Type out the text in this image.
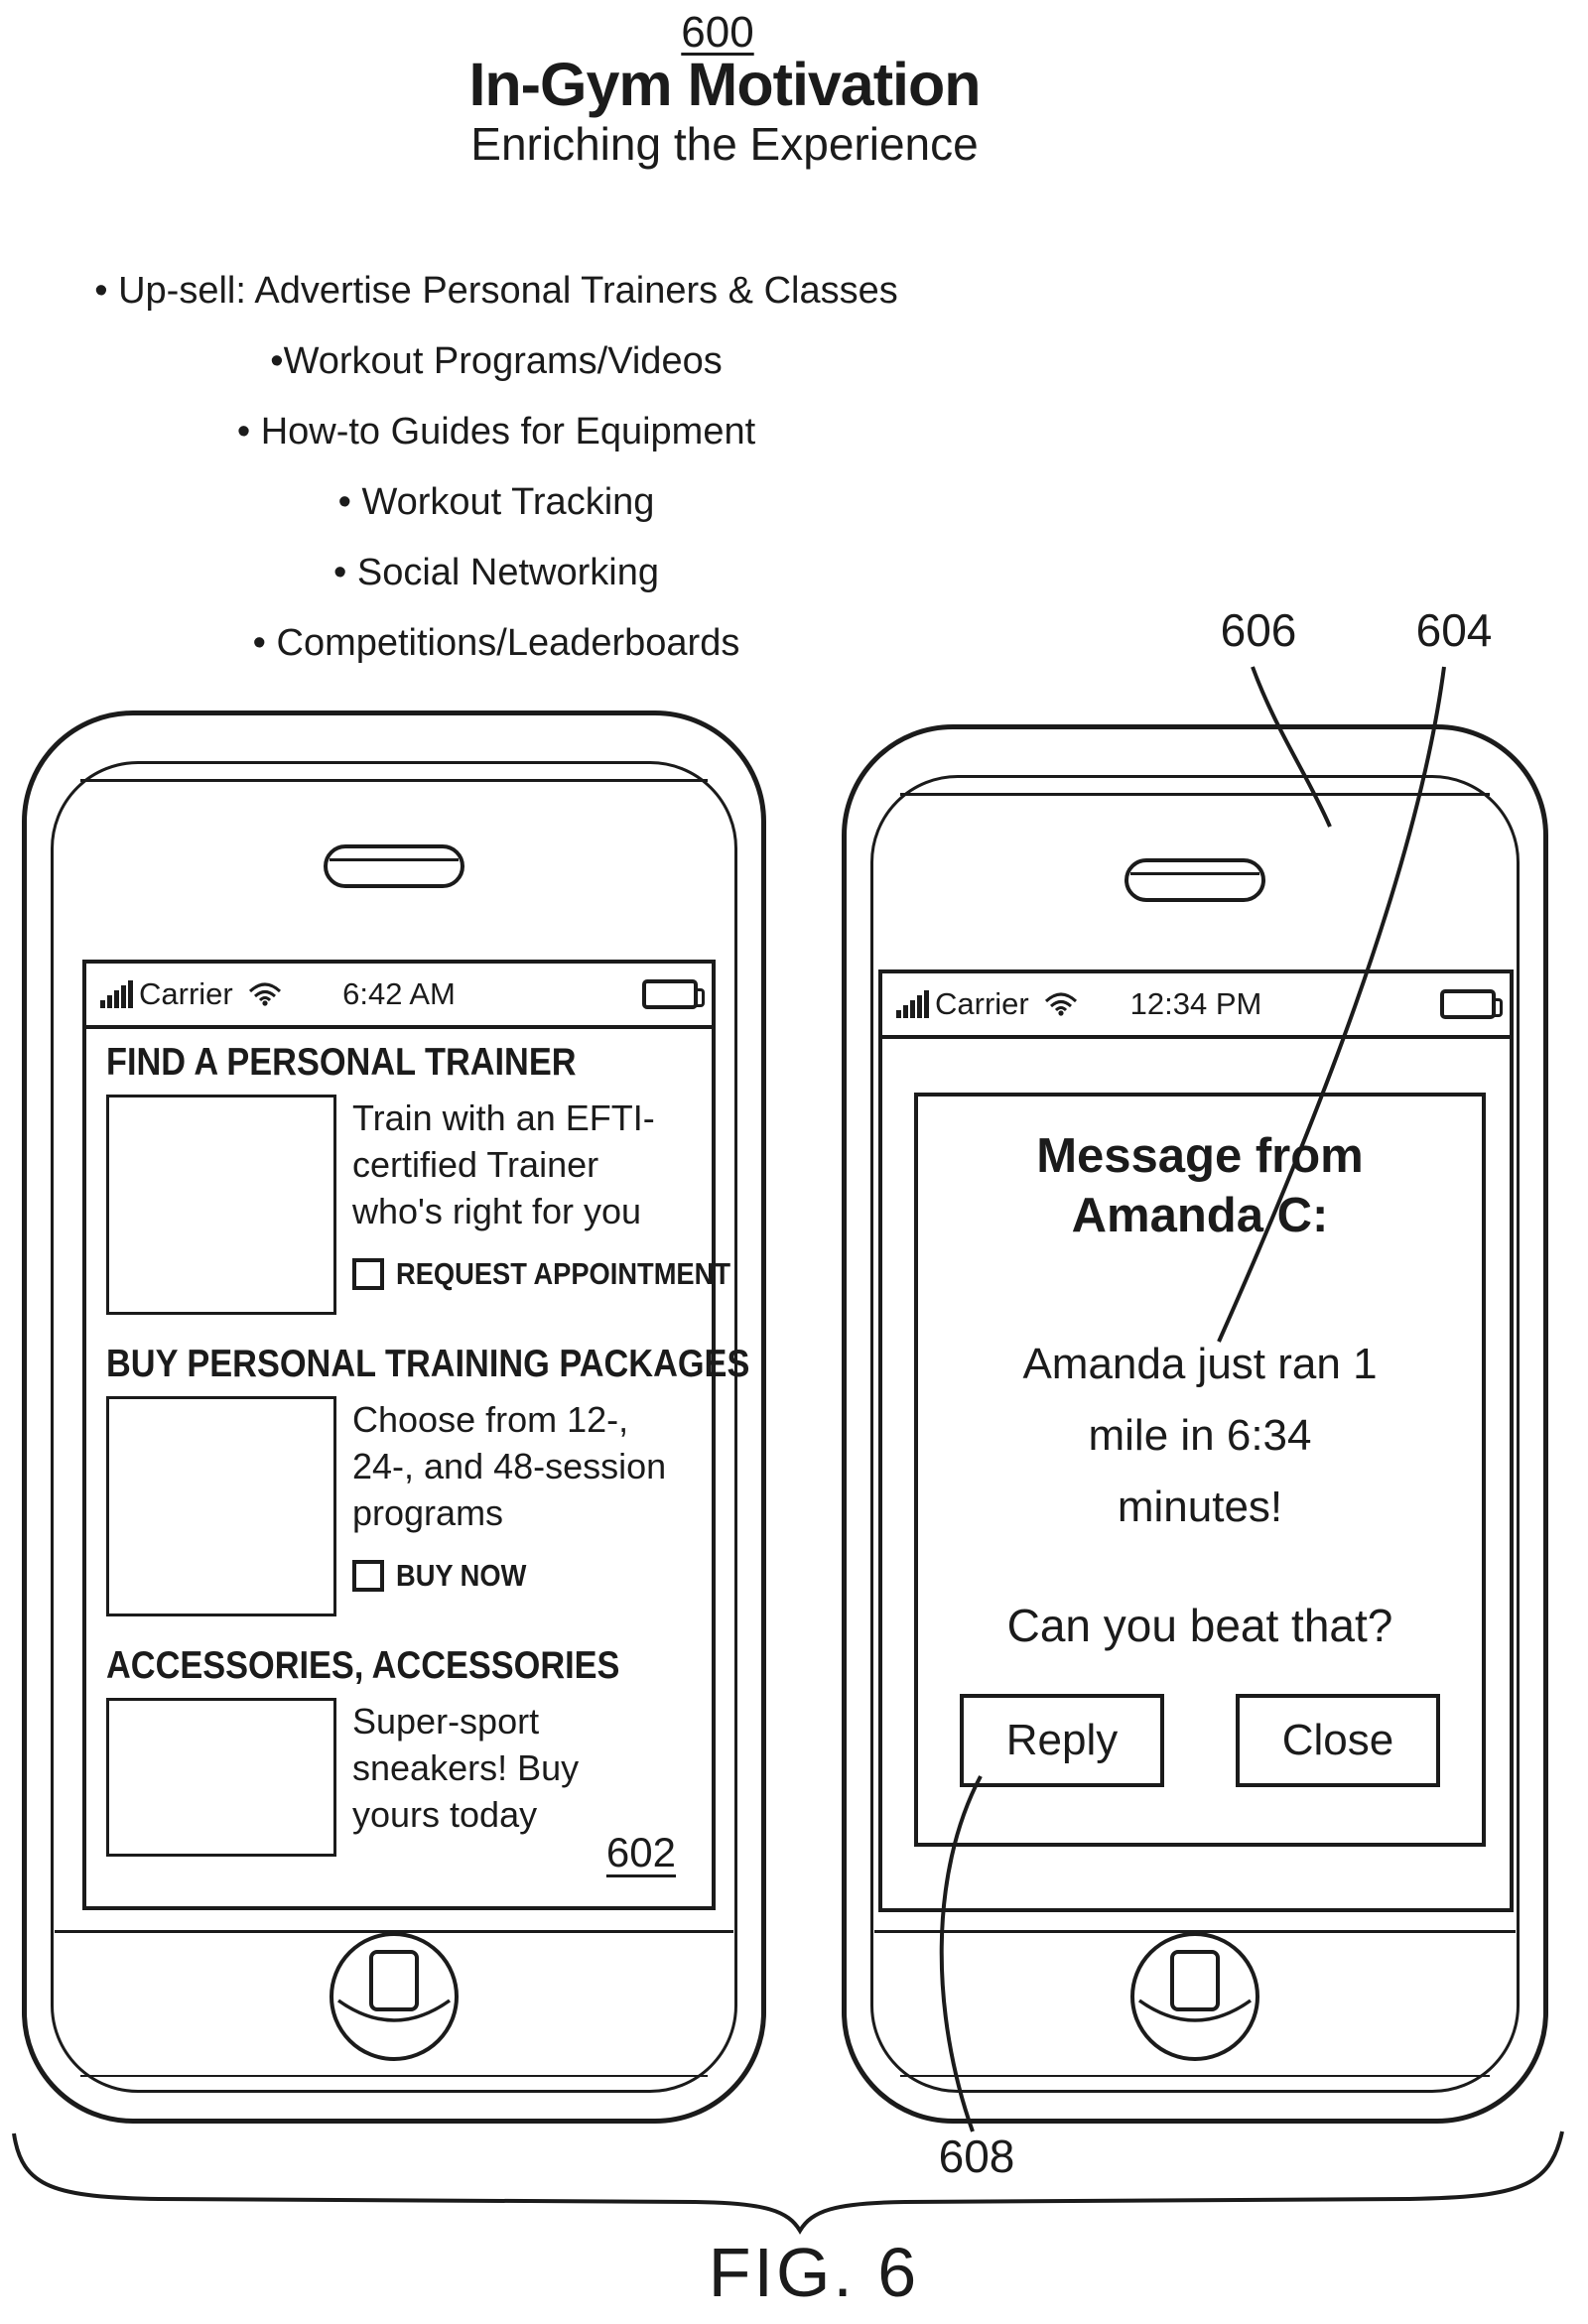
600
In-Gym Motivation
Enriching the Experience
• Up-sell: Advertise Personal Trainers & Classes
•Workout Programs/Videos
• How-to Guides for Equipment
• Workout Tracking
• Social Networking
• Competitions/Leaderboards	606	604
608
Carrier	6:42 AM
FIND A PERSONAL TRAINER
Train with an EFTI-
certified Trainer
who's right for you
REQUEST APPOINTMENT
BUY PERSONAL TRAINING PACKAGES
Choose from 12-,
24-, and 48-session
programs
BUY NOW
ACCESSORIES, ACCESSORIES
Super-sport
sneakers! Buy
yours today
602
Carrier	12:34 PM
Message from
Amanda C:
Amanda just ran 1
mile in 6:34
minutes!
Can you beat that?
Reply	Close
FIG. 6
